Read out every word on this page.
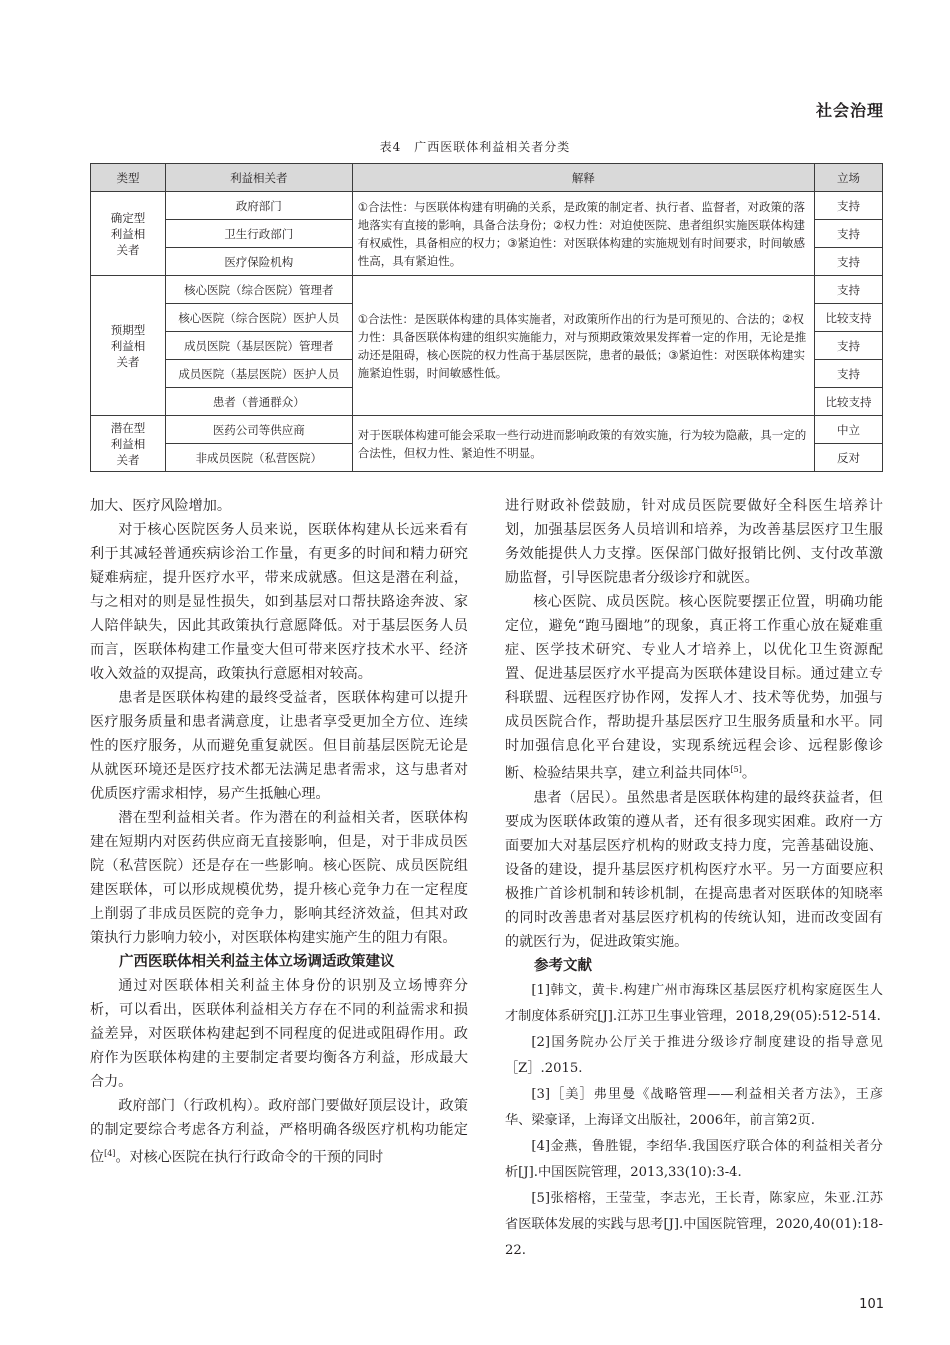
社会治理
表4　广西医联体利益相关者分类
类型	利益相关者	解释	立场
确定型利益相关者	政府部门	①合法性：与医联体构建有明确的关系，是政策的制定者、执行者、监督者，对政策的落地落实有直接的影响，具备合法身份；②权力性：对迫使医院、患者组织实施医联体构建有权威性，具备相应的权力；③紧迫性：对医联体构建的实施规划有时间要求，时间敏感性高，具有紧迫性。	支持
	卫生行政部门		支持
	医疗保险机构		支持
预期型利益相关者	核心医院（综合医院）管理者	①合法性：是医联体构建的具体实施者，对政策所作出的行为是可预见的、合法的；②权力性：具备医联体构建的组织实施能力，对与预期政策效果发挥着一定的作用，无论是推动还是阻碍，核心医院的权力性高于基层医院，患者的最低；③紧迫性：对医联体构建实施紧迫性弱，时间敏感性低。	支持
	核心医院（综合医院）医护人员		比较支持
	成员医院（基层医院）管理者		支持
	成员医院（基层医院）医护人员		支持
	患者（普通群众）		比较支持
潜在型利益相关者	医药公司等供应商	对于医联体构建可能会采取一些行动进而影响政策的有效实施，行为较为隐蔽，具一定的合法性，但权力性、紧迫性不明显。	中立
	非成员医院（私营医院）		反对

加大、医疗风险增加。

对于核心医院医务人员来说，医联体构建从长远来看有利于其减轻普通疾病诊治工作量，有更多的时间和精力研究疑难病症，提升医疗水平，带来成就感。但这是潜在利益，与之相对的则是显性损失，如到基层对口帮扶路途奔波、家人陪伴缺失，因此其政策执行意愿降低。对于基层医务人员而言，医联体构建工作量变大但可带来医疗技术水平、经济收入效益的双提高，政策执行意愿相对较高。

患者是医联体构建的最终受益者，医联体构建可以提升医疗服务质量和患者满意度，让患者享受更加全方位、连续性的医疗服务，从而避免重复就医。但目前基层医院无论是从就医环境还是医疗技术都无法满足患者需求，这与患者对优质医疗需求相悖，易产生抵触心理。

潜在型利益相关者。作为潜在的利益相关者，医联体构建在短期内对医药供应商无直接影响，但是，对于非成员医院（私营医院）还是存在一些影响。核心医院、成员医院组建医联体，可以形成规模优势，提升核心竞争力在一定程度上削弱了非成员医院的竞争力，影响其经济效益，但其对政策执行力影响力较小，对医联体构建实施产生的阻力有限。

广西医联体相关利益主体立场调适政策建议

通过对医联体相关利益主体身份的识别及立场博弈分析，可以看出，医联体利益相关方存在不同的利益需求和损益差异，对医联体构建起到不同程度的促进或阻碍作用。政府作为医联体构建的主要制定者要均衡各方利益，形成最大合力。

政府部门（行政机构）。政府部门要做好顶层设计，政策的制定要综合考虑各方利益，严格明确各级医疗机构功能定位[4]。对核心医院在执行行政命令的干预的同时

进行财政补偿鼓励，针对成员医院要做好全科医生培养计划，加强基层医务人员培训和培养，为改善基层医疗卫生服务效能提供人力支撑。医保部门做好报销比例、支付改革激励监督，引导医院患者分级诊疗和就医。

核心医院、成员医院。核心医院要摆正位置，明确功能定位，避免“跑马圈地”的现象，真正将工作重心放在疑难重症、医学技术研究、专业人才培养上，以优化卫生资源配置、促进基层医疗水平提高为医联体建设目标。通过建立专科联盟、远程医疗协作网，发挥人才、技术等优势，加强与成员医院合作，帮助提升基层医疗卫生服务质量和水平。同时加强信息化平台建设，实现系统远程会诊、远程影像诊断、检验结果共享，建立利益共同体[5]。

患者（居民）。虽然患者是医联体构建的最终获益者，但要成为医联体政策的遵从者，还有很多现实困难。政府一方面要加大对基层医疗机构的财政支持力度，完善基础设施、设备的建设，提升基层医疗机构医疗水平。另一方面要应积极推广首诊机制和转诊机制，在提高患者对医联体的知晓率的同时改善患者对基层医疗机构的传统认知，进而改变固有的就医行为，促进政策实施。

参考文献

[1]韩文，黄卡.构建广州市海珠区基层医疗机构家庭医生人才制度体系研究[J].江苏卫生事业管理，2018,29(05):512-514.

[2]国务院办公厅关于推进分级诊疗制度建设的指导意见［Z］.2015.

[3]［美］弗里曼《战略管理——利益相关者方法》，王彦华、梁豪译，上海译文出版社，2006年，前言第2页.

[4]金燕，鲁胜锟，李绍华.我国医疗联合体的利益相关者分析[J].中国医院管理，2013,33(10):3-4.

[5]张榕榕，王莹莹，李志光，王长青，陈家应，朱亚.江苏省医联体发展的实践与思考[J].中国医院管理，2020,40(01):18-22.

101
